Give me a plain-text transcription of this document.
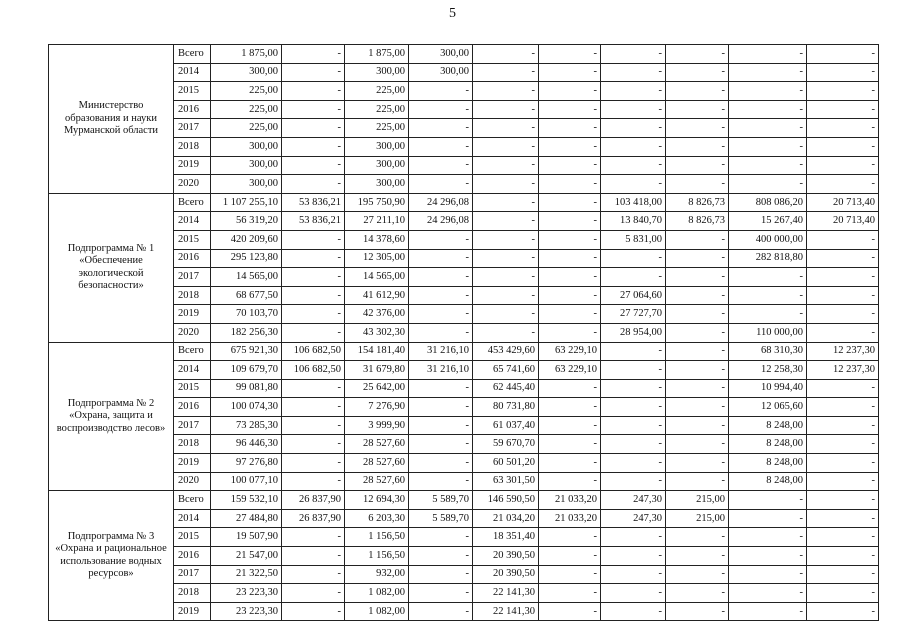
5
Министерство образования и науки Мурманской области	Всего	1 875,00	-	1 875,00	300,00	-	-	-	-	-	-
	2014	300,00	-	300,00	300,00	-	-	-	-	-	-
	2015	225,00	-	225,00	-	-	-	-	-	-	-
	2016	225,00	-	225,00	-	-	-	-	-	-	-
	2017	225,00	-	225,00	-	-	-	-	-	-	-
	2018	300,00	-	300,00	-	-	-	-	-	-	-
	2019	300,00	-	300,00	-	-	-	-	-	-	-
	2020	300,00	-	300,00	-	-	-	-	-	-	-
Подпрограмма № 1 «Обеспечение экологической безопасности»	Всего	1 107 255,10	53 836,21	195 750,90	24 296,08	-	-	103 418,00	8 826,73	808 086,20	20 713,40
	2014	56 319,20	53 836,21	27 211,10	24 296,08	-	-	13 840,70	8 826,73	15 267,40	20 713,40
	2015	420 209,60	-	14 378,60	-	-	-	5 831,00	-	400 000,00	-
	2016	295 123,80	-	12 305,00	-	-	-	-	-	282 818,80	-
	2017	14 565,00	-	14 565,00	-	-	-	-	-	-	-
	2018	68 677,50	-	41 612,90	-	-	-	27 064,60	-	-	-
	2019	70 103,70	-	42 376,00	-	-	-	27 727,70	-	-	-
	2020	182 256,30	-	43 302,30	-	-	-	28 954,00	-	110 000,00	-
Подпрограмма № 2 «Охрана, защита и воспроизводство лесов»	Всего	675 921,30	106 682,50	154 181,40	31 216,10	453 429,60	63 229,10	-	-	68 310,30	12 237,30
	2014	109 679,70	106 682,50	31 679,80	31 216,10	65 741,60	63 229,10	-	-	12 258,30	12 237,30
	2015	99 081,80	-	25 642,00	-	62 445,40	-	-	-	10 994,40	-
	2016	100 074,30	-	7 276,90	-	80 731,80	-	-	-	12 065,60	-
	2017	73 285,30	-	3 999,90	-	61 037,40	-	-	-	8 248,00	-
	2018	96 446,30	-	28 527,60	-	59 670,70	-	-	-	8 248,00	-
	2019	97 276,80	-	28 527,60	-	60 501,20	-	-	-	8 248,00	-
	2020	100 077,10	-	28 527,60	-	63 301,50	-	-	-	8 248,00	-
Подпрограмма № 3 «Охрана и рациональное использование водных ресурсов»	Всего	159 532,10	26 837,90	12 694,30	5 589,70	146 590,50	21 033,20	247,30	215,00	-	-
	2014	27 484,80	26 837,90	6 203,30	5 589,70	21 034,20	21 033,20	247,30	215,00	-	-
	2015	19 507,90	-	1 156,50	-	18 351,40	-	-	-	-	-
	2016	21 547,00	-	1 156,50	-	20 390,50	-	-	-	-	-
	2017	21 322,50	-	932,00	-	20 390,50	-	-	-	-	-
	2018	23 223,30	-	1 082,00	-	22 141,30	-	-	-	-	-
	2019	23 223,30	-	1 082,00	-	22 141,30	-	-	-	-	-
